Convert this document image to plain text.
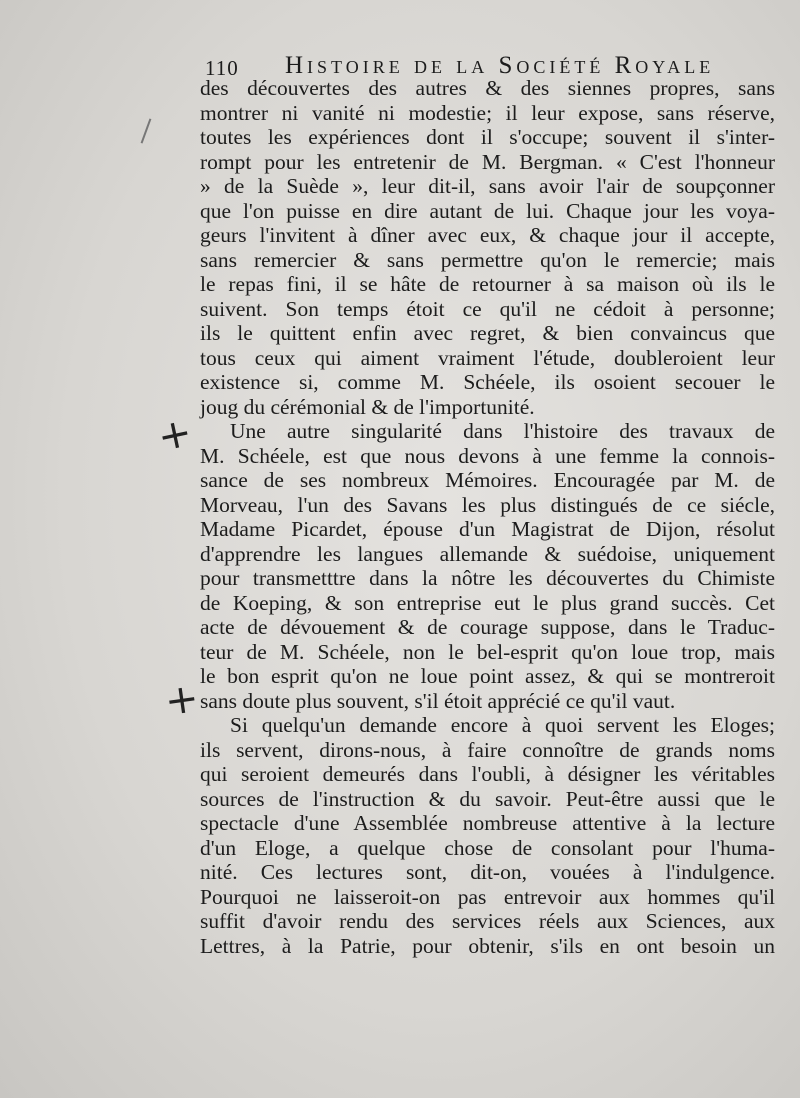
110 Histoire de la Société Royale
+
+
des découvertes des autres & des siennes propres, sans
montrer ni vanité ni modestie; il leur expose, sans réserve,
toutes les expériences dont il s'occupe; souvent il s'inter-
rompt pour les entretenir de M. Bergman. « C'est l'honneur
» de la Suède », leur dit-il, sans avoir l'air de soupçonner
que l'on puisse en dire autant de lui. Chaque jour les voya-
geurs l'invitent à dîner avec eux, & chaque jour il accepte,
sans remercier & sans permettre qu'on le remercie; mais
le repas fini, il se hâte de retourner à sa maison où ils le
suivent. Son temps étoit ce qu'il ne cédoit à personne;
ils le quittent enfin avec regret, & bien convaincus que
tous ceux qui aiment vraiment l'étude, doubleroient leur
existence si, comme M. Schéele, ils osoient secouer le
joug du cérémonial & de l'importunité.
Une autre singularité dans l'histoire des travaux de
M. Schéele, est que nous devons à une femme la connois-
sance de ses nombreux Mémoires. Encouragée par M. de
Morveau, l'un des Savans les plus distingués de ce siécle,
Madame Picardet, épouse d'un Magistrat de Dijon, résolut
d'apprendre les langues allemande & suédoise, uniquement
pour transmetttre dans la nôtre les découvertes du Chimiste
de Koeping, & son entreprise eut le plus grand succès. Cet
acte de dévouement & de courage suppose, dans le Traduc-
teur de M. Schéele, non le bel-esprit qu'on loue trop, mais
le bon esprit qu'on ne loue point assez, & qui se montreroit
sans doute plus souvent, s'il étoit apprécié ce qu'il vaut.
Si quelqu'un demande encore à quoi servent les Eloges;
ils servent, dirons-nous, à faire connoître de grands noms
qui seroient demeurés dans l'oubli, à désigner les véritables
sources de l'instruction & du savoir. Peut-être aussi que le
spectacle d'une Assemblée nombreuse attentive à la lecture
d'un Eloge, a quelque chose de consolant pour l'huma-
nité. Ces lectures sont, dit-on, vouées à l'indulgence.
Pourquoi ne laisseroit-on pas entrevoir aux hommes qu'il
suffit d'avoir rendu des services réels aux Sciences, aux
Lettres, à la Patrie, pour obtenir, s'ils en ont besoin un
